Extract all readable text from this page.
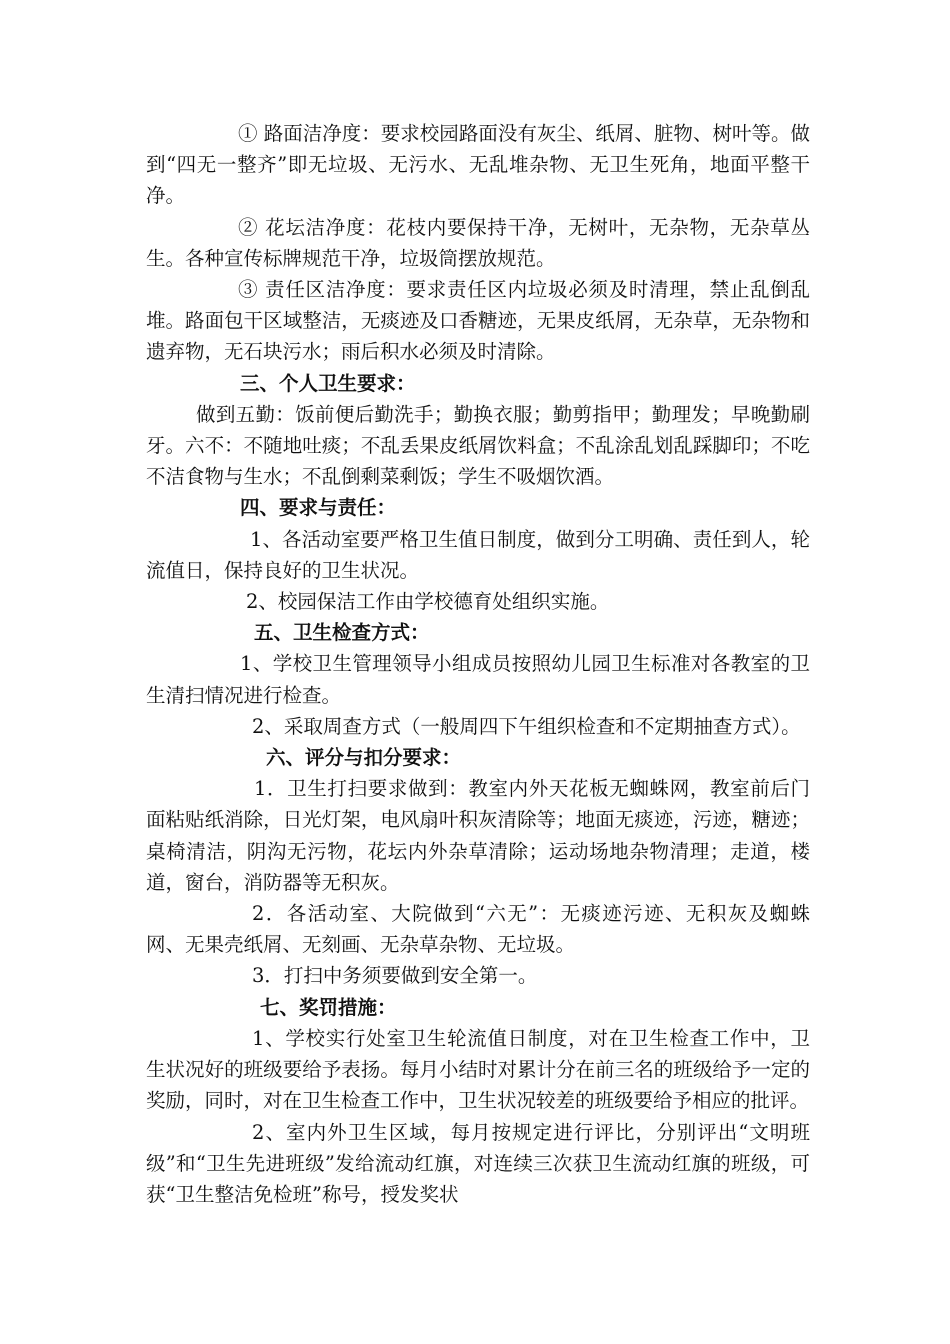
① 路面洁净度：要求校园路面没有灰尘、纸屑、脏物、树叶等。做到“四无一整齐”即无垃圾、无污水、无乱堆杂物、无卫生死角，地面平整干净。

② 花坛洁净度：花枝内要保持干净，无树叶，无杂物，无杂草丛生。各种宣传标牌规范干净，垃圾筒摆放规范。

③ 责任区洁净度：要求责任区内垃圾必须及时清理，禁止乱倒乱堆。路面包干区域整洁，无痰迹及口香糖迹，无果皮纸屑，无杂草，无杂物和遗弃物，无石块污水；雨后积水必须及时清除。

三、个人卫生要求：

做到五勤：饭前便后勤洗手；勤换衣服；勤剪指甲；勤理发；早晚勤刷牙。六不：不随地吐痰；不乱丢果皮纸屑饮料盒；不乱涂乱划乱踩脚印；不吃不洁食物与生水；不乱倒剩菜剩饭；学生不吸烟饮酒。

四、要求与责任：

1、各活动室要严格卫生值日制度，做到分工明确、责任到人，轮流值日，保持良好的卫生状况。

2、校园保洁工作由学校德育处组织实施。

五、卫生检查方式：

1、学校卫生管理领导小组成员按照幼儿园卫生标准对各教室的卫生清扫情况进行检查。

2、采取周查方式（一般周四下午组织检查和不定期抽查方式）。

六、评分与扣分要求：

1．卫生打扫要求做到：教室内外天花板无蜘蛛网，教室前后门面粘贴纸消除，日光灯架，电风扇叶积灰清除等；地面无痰迹，污迹，糖迹；桌椅清洁，阴沟无污物，花坛内外杂草清除；运动场地杂物清理；走道，楼道，窗台，消防器等无积灰。

2．各活动室、大院做到“六无”：无痰迹污迹、无积灰及蜘蛛网、无果壳纸屑、无刻画、无杂草杂物、无垃圾。

3．打扫中务须要做到安全第一。

七、奖罚措施：

1、学校实行处室卫生轮流值日制度，对在卫生检查工作中，卫生状况好的班级要给予表扬。每月小结时对累计分在前三名的班级给予一定的奖励，同时，对在卫生检查工作中，卫生状况较差的班级要给予相应的批评。

2、室内外卫生区域，每月按规定进行评比，分别评出“文明班级”和“卫生先进班级”发给流动红旗，对连续三次获卫生流动红旗的班级，可获“卫生整洁免检班”称号，授发奖状
